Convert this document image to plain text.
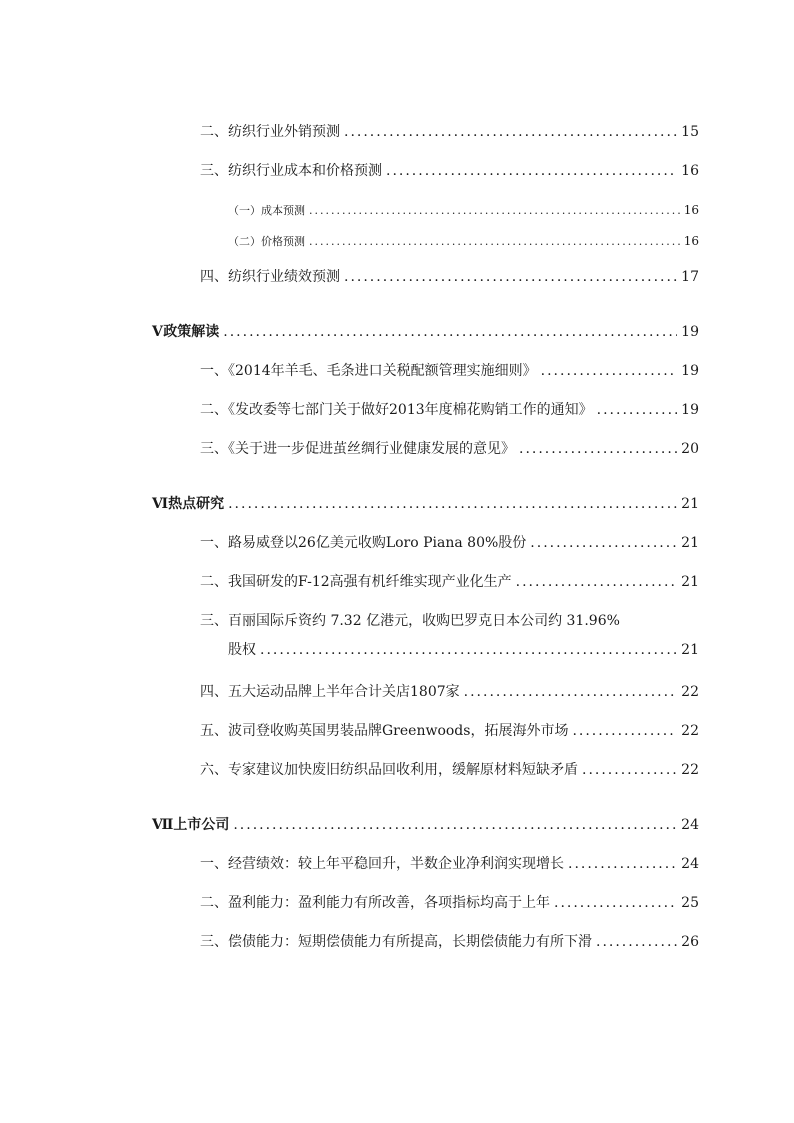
二、纺织行业外销预测 .....	15
三、纺织行业成本和价格预测 .....	16
（一）成本预测 .....	16
（二）价格预测 .....	16
四、纺织行业绩效预测 .....	17
Ⅴ 政策解读 .....	19
一、《2014年羊毛、毛条进口关税配额管理实施细则》 .....	19
二、《发改委等七部门关于做好2013年度棉花购销工作的通知》 .....	19
三、《关于进一步促进茧丝绸行业健康发展的意见》 .....	20
Ⅵ 热点研究 .....	21
一、路易威登以26亿美元收购Loro Piana 80%股份 .....	21
二、我国研发的F-12高强有机纤维实现产业化生产 .....	21
三、百丽国际斥资约 7.32 亿港元，收购巴罗克日本公司约 31.96%
股权 .....	21
四、五大运动品牌上半年合计关店1807家 .....	22
五、波司登收购英国男装品牌Greenwoods，拓展海外市场 .....	22
六、专家建议加快废旧纺织品回收利用，缓解原材料短缺矛盾 .....	22
Ⅶ 上市公司 .....	24
一、经营绩效：较上年平稳回升，半数企业净利润实现增长 .....	24
二、盈利能力：盈利能力有所改善，各项指标均高于上年 .....	25
三、偿债能力：短期偿债能力有所提高，长期偿债能力有所下滑 .....	26
